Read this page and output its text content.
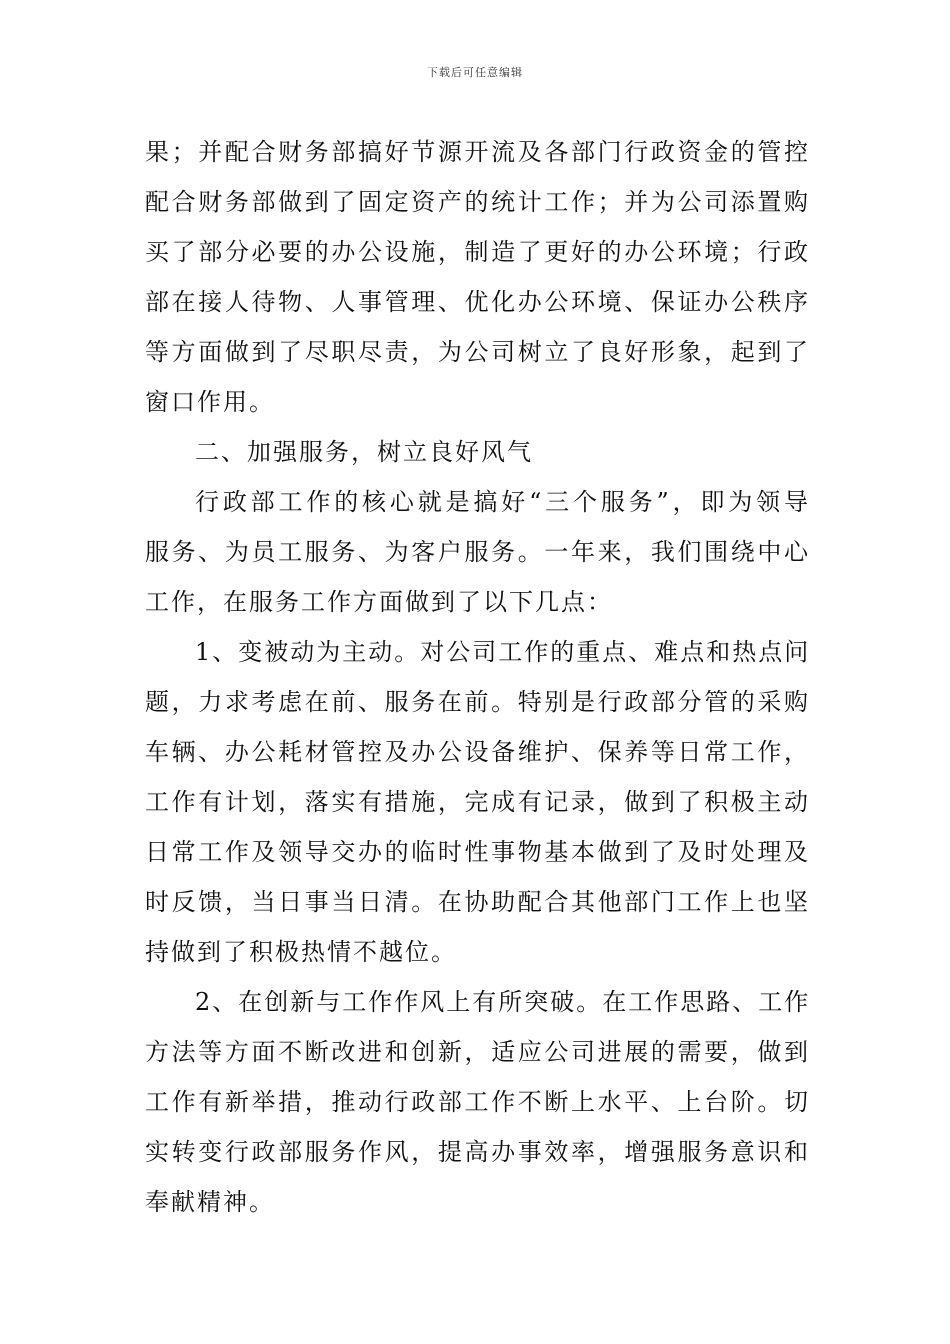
下载后可任意编辑
果；并配合财务部搞好节源开流及各部门行政资金的管控
配合财务部做到了固定资产的统计工作；并为公司添置购
买了部分必要的办公设施，制造了更好的办公环境；行政
部在接人待物、人事管理、优化办公环境、保证办公秩序
等方面做到了尽职尽责，为公司树立了良好形象，起到了
窗口作用。
二、加强服务，树立良好风气
行政部工作的核心就是搞好“三个服务”，即为领导
服务、为员工服务、为客户服务。一年来，我们围绕中心
工作，在服务工作方面做到了以下几点：
1、变被动为主动。对公司工作的重点、难点和热点问
题，力求考虑在前、服务在前。特别是行政部分管的采购
车辆、办公耗材管控及办公设备维护、保养等日常工作，
工作有计划，落实有措施，完成有记录，做到了积极主动
日常工作及领导交办的临时性事物基本做到了及时处理及
时反馈，当日事当日清。在协助配合其他部门工作上也坚
持做到了积极热情不越位。
2、在创新与工作作风上有所突破。在工作思路、工作
方法等方面不断改进和创新，适应公司进展的需要，做到
工作有新举措，推动行政部工作不断上水平、上台阶。切
实转变行政部服务作风，提高办事效率，增强服务意识和
奉献精神。
